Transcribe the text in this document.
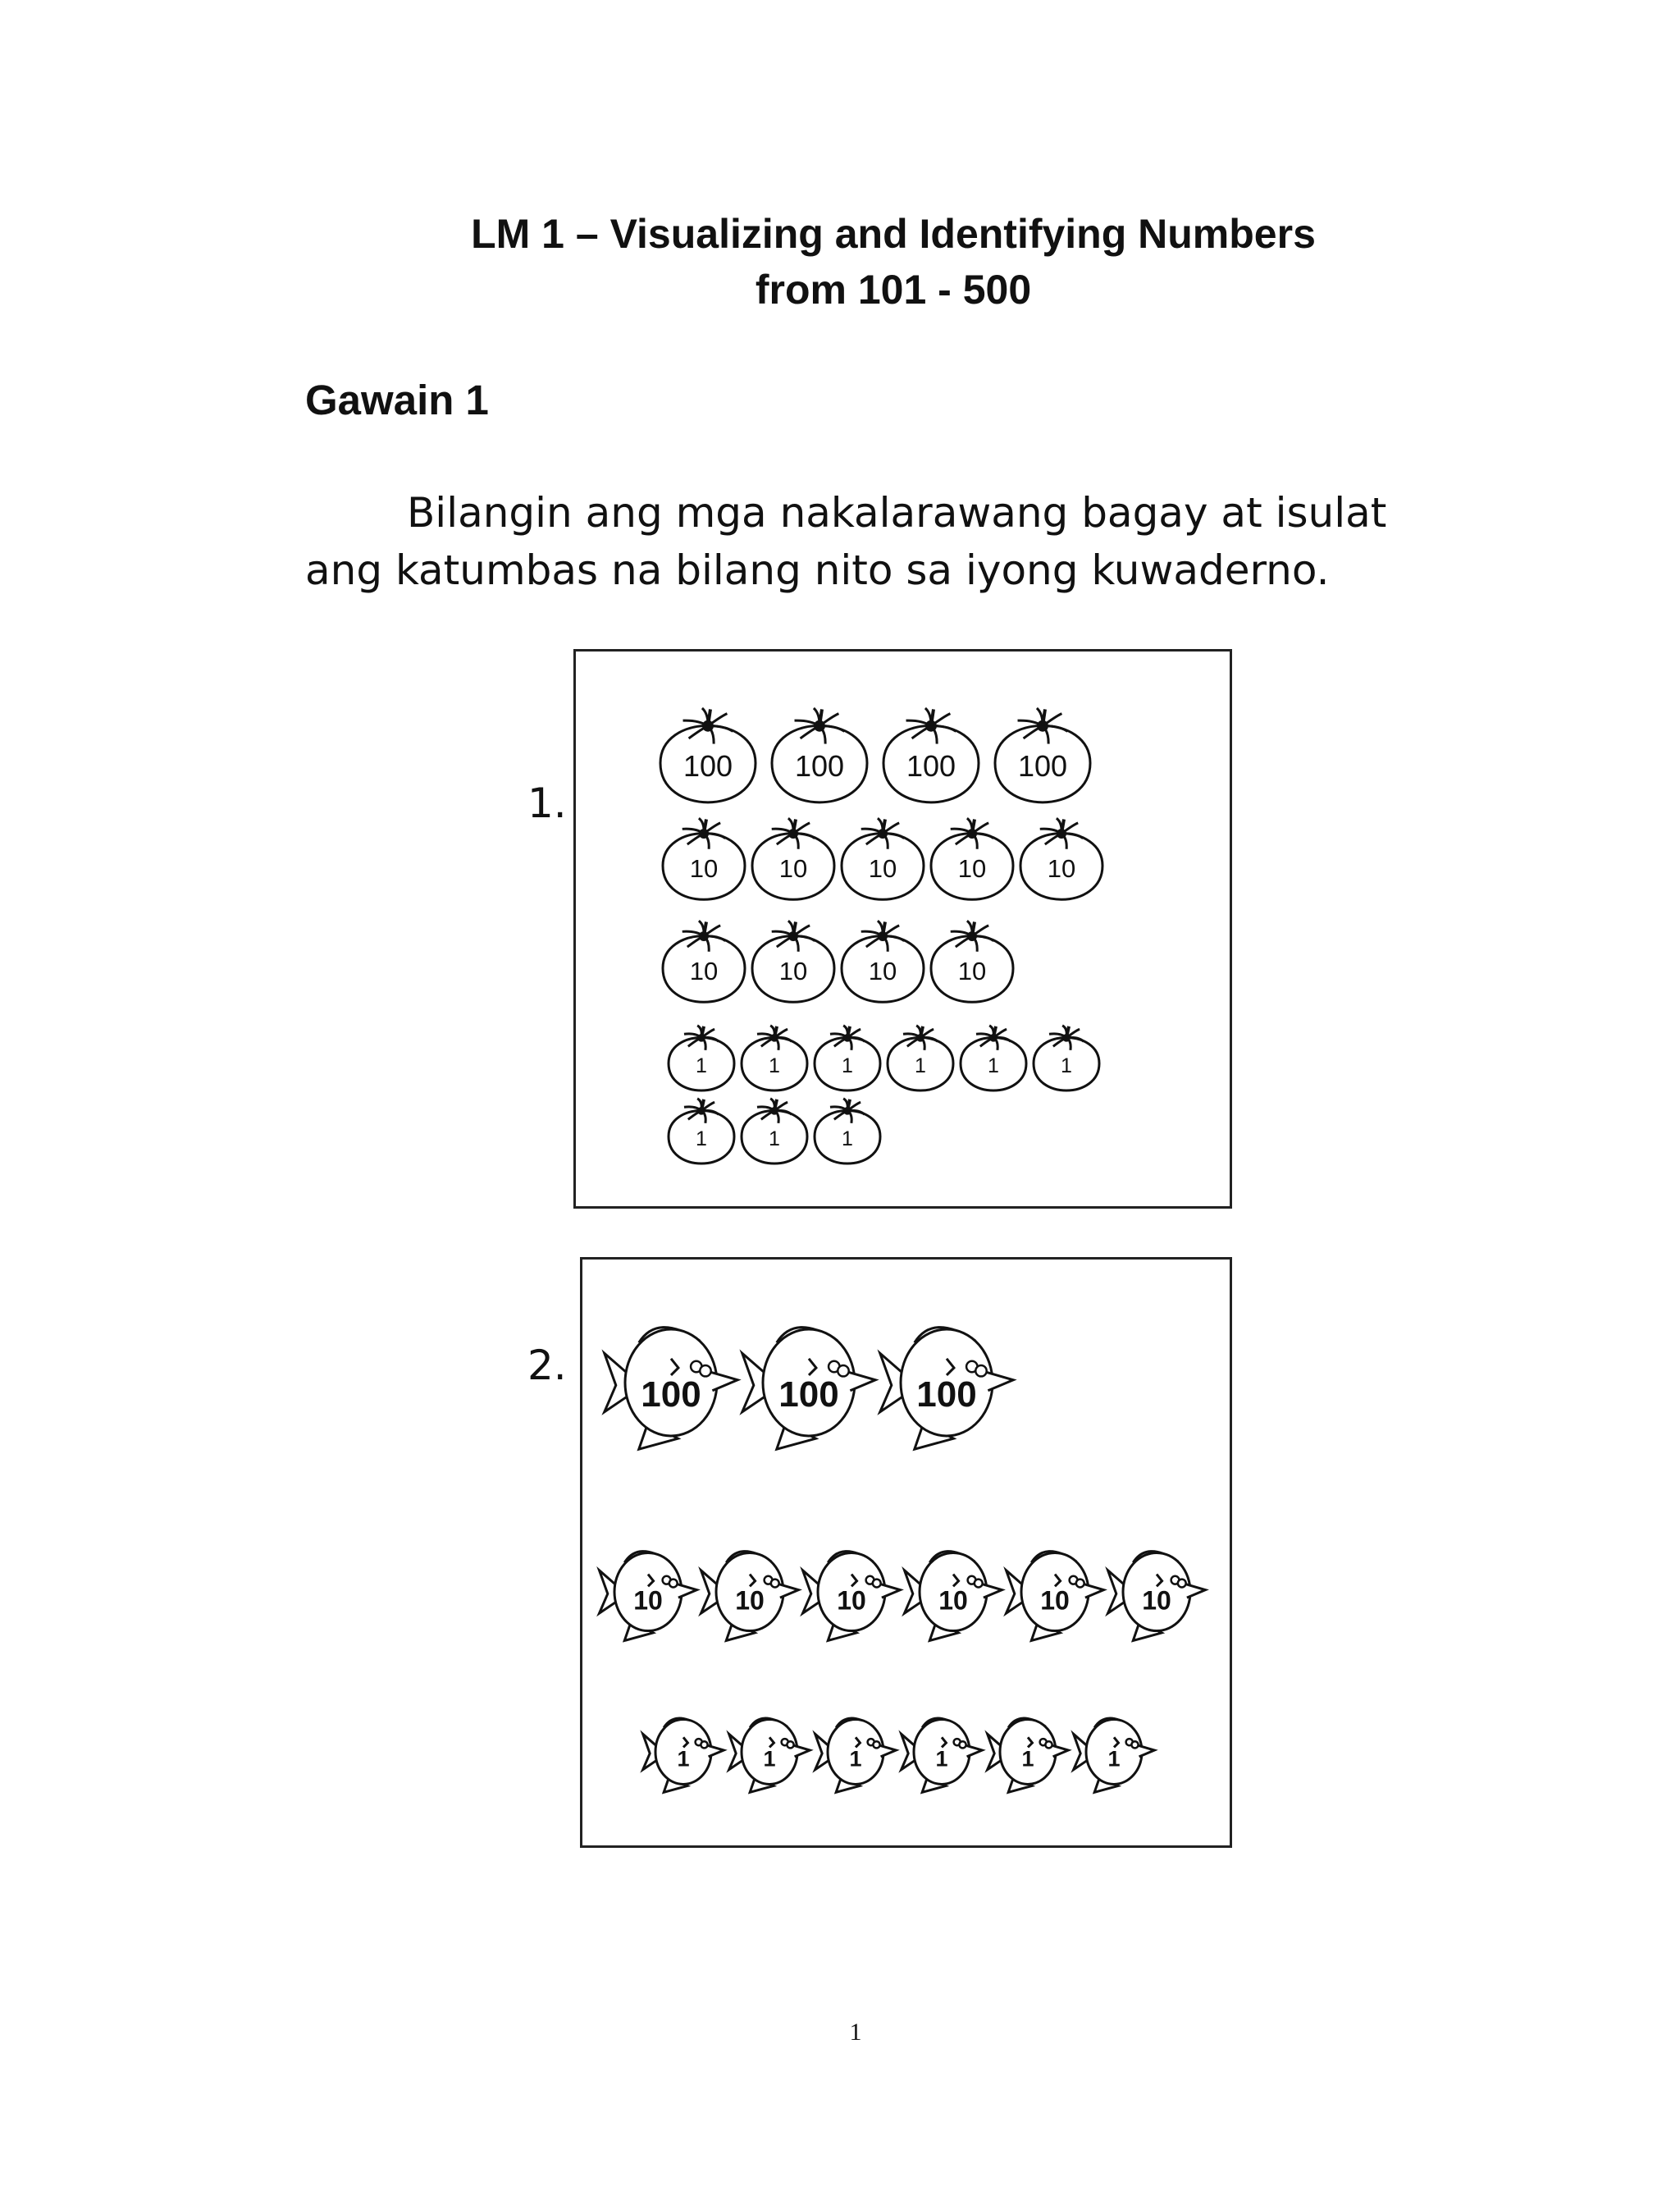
LM 1 – Visualizing and Identifying Numbers
from 101 - 500
Gawain 1
Bilangin ang mga nakalarawang bagay at isulat
ang katumbas na bilang nito sa iyong kuwaderno.
1.
2.
100 100 100 100
10 10 10 10 10
10 10 10 10
1	1	1	1	1	1
1	1	1
100 100 100
10	10	10	10	10	10
1	1	1	1	1	1
1
